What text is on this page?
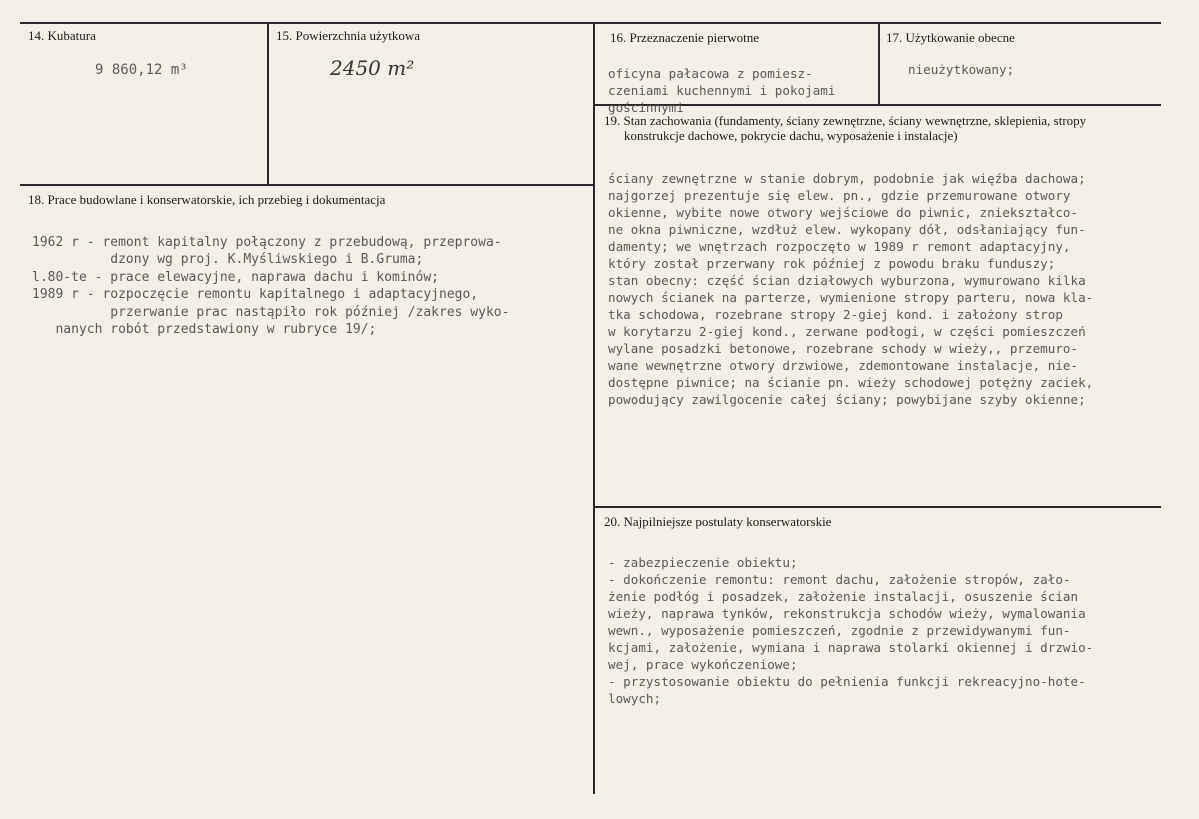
14. Kubatura
9 860,12 m³
15. Powierzchnia użytkowa
2450 m²
16. Przeznaczenie pierwotne

oficyna pałacowa z pomiesz-
czeniami kuchennymi i pokojami
gościnnymi
17. Użytkowanie obecne
nieużytkowany;
18. Prace budowlane i konserwatorskie, ich przebieg i dokumentacja

1962 r - remont kapitalny połączony z przebudową, przeprowa-
dzony wg proj. K.Myśliwskiego i B.Gruma;
l.80-te - prace elewacyjne, naprawa dachu i kominów;
1989 r - rozpoczęcie remontu kapitalnego i adaptacyjnego,
przerwanie prac nastąpiło rok później /zakres wyko-
nanych robót przedstawiony w rubryce 19/;
19. Stan zachowania (fundamenty, ściany zewnętrzne, ściany wewnętrzne, sklepienia, stropy
konstrukcje dachowe, pokrycie dachu, wyposażenie i instalacje)

ściany zewnętrzne w stanie dobrym, podobnie jak więźba dachowa;
najgorzej prezentuje się elew. pn., gdzie przemurowane otwory
okienne, wybite nowe otwory wejściowe do piwnic, zniekształco-
ne okna piwniczne, wzdłuż elew. wykopany dół, odsłaniający fun-
damenty; we wnętrzach rozpoczęto w 1989 r remont adaptacyjny,
który został przerwany rok później z powodu braku funduszy;
stan obecny: część ścian działowych wyburzona, wymurowano kilka
nowych ścianek na parterze, wymienione stropy parteru, nowa kla-
tka schodowa, rozebrane stropy 2-giej kond. i założony strop
w korytarzu 2-giej kond., zerwane podłogi, w części pomieszczeń
wylane posadzki betonowe, rozebrane schody w wieży,, przemuro-
wane wewnętrzne otwory drzwiowe, zdemontowane instalacje, nie-
dostępne piwnice; na ścianie pn. wieży schodowej potężny zaciek,
powodujący zawilgocenie całej ściany; powybijane szyby okienne;
20. Najpilniejsze postulaty konserwatorskie

- zabezpieczenie obiektu;
- dokończenie remontu: remont dachu, założenie stropów, zało-
żenie podłóg i posadzek, założenie instalacji, osuszenie ścian
wieży, naprawa tynków, rekonstrukcja schodów wieży, wymalowania
wewn., wyposażenie pomieszczeń, zgodnie z przewidywanymi fun-
kcjami, założenie, wymiana i naprawa stolarki okiennej i drzwio-
wej, prace wykończeniowe;
- przystosowanie obiektu do pełnienia funkcji rekreacyjno-hote-
lowych;
